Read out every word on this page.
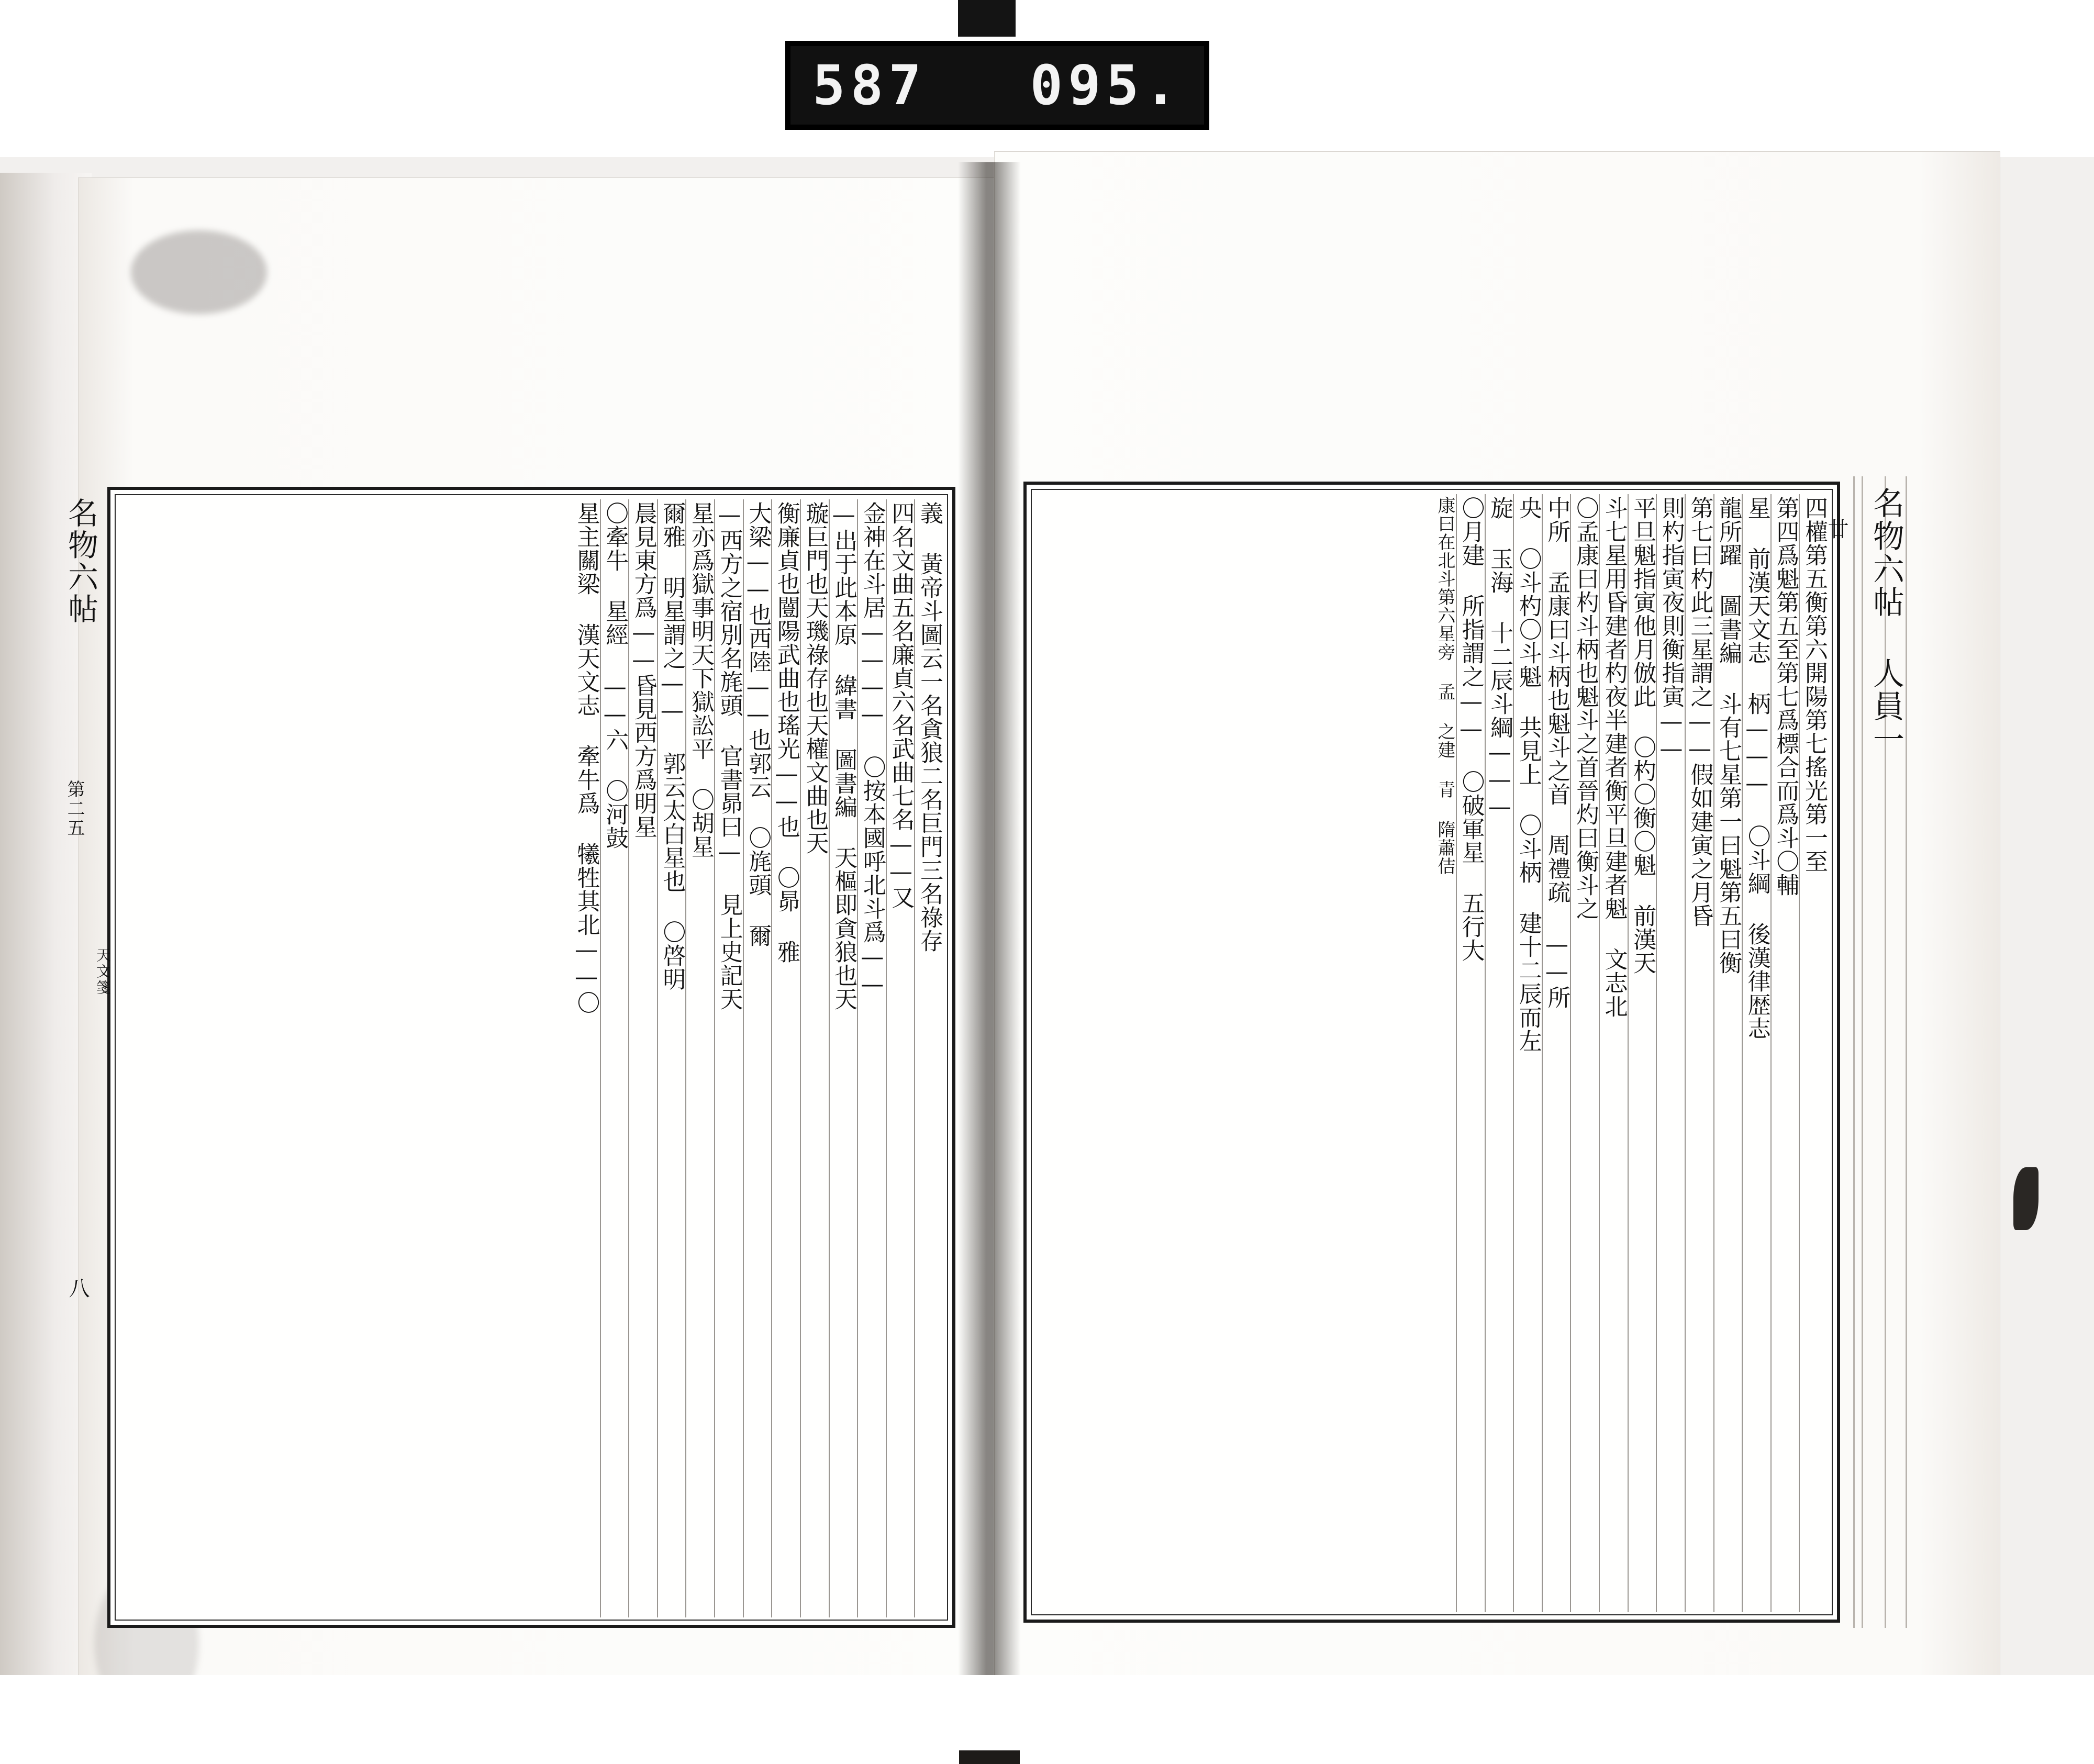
587 095.
四權第五衡第六開陽第七搖光第一至
第四爲魁第五至第七爲標合而爲斗〇輔
星 前漢天文志 柄——— 〇斗綱 後漢律歴志
龍所躍 圖書編 斗有七星第一曰魁第五曰衡
第七曰杓此三星謂之——假如建寅之月昏
則杓指寅夜則衡指寅——
平旦魁指寅他月倣此 〇杓〇衡〇魁 前漢天
斗七星用昏建者杓夜半建者衡平旦建者魁 文志北
〇孟康曰杓斗柄也魁斗之首晉灼曰衡斗之
中所 孟康曰斗柄也魁斗之首 周禮疏 ——所
央 〇斗杓〇斗魁 共見上 〇斗柄 建十二辰而左
旋 玉海 十二辰斗綱———
〇月建 所指謂之—— 〇破軍星 五行大
康曰在北斗第六星旁 孟 之建 青 隋蕭佶	名物六帖 人員一
廿
義 黃帝斗圖云一名貪狼二名巨門三名祿存
四名文曲五名廉貞六名武曲七名——又
金神在斗居———— 〇按本國呼北斗爲——
—出于此本原 緯書 圖書編 天樞即貪狼也天
璇巨門也天璣祿存也天權文曲也天
衡廉貞也闓陽武曲也瑤光——也 〇昴 雅
大梁——也西陸——也郭云 〇旄頭 爾
—西方之宿別名旄頭 官書昴曰— 見上史記天
星亦爲獄事明天下獄訟平 〇胡星
爾雅 明星謂之—— 郭云太白星也 〇啓明
晨見東方爲——昏見西方爲明星
〇牽牛 星經 ——六 〇河鼓
星主關梁 漢天文志 牽牛爲 犧牲其北——〇
名物六帖
第二五
天文箋
八
